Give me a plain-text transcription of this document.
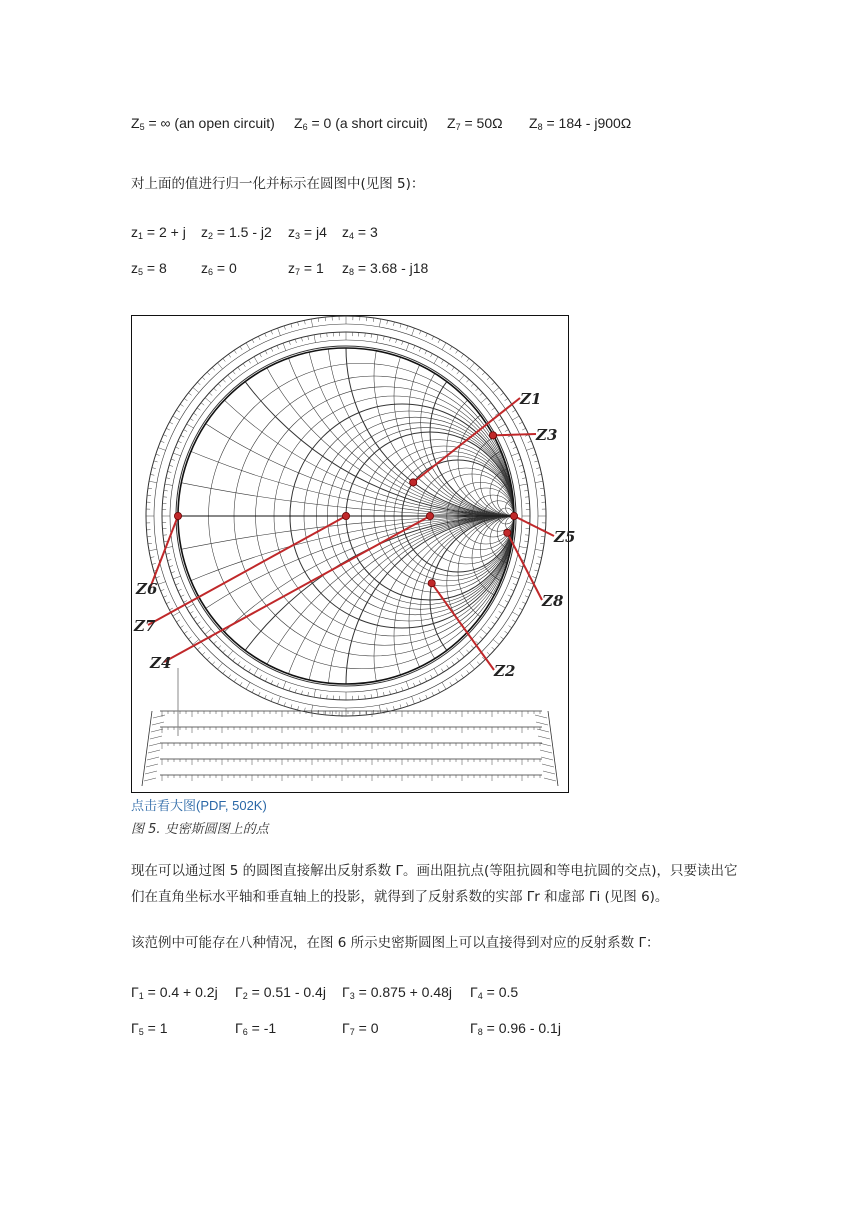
$Z_5$ = ∞ (an open circuit) $Z_6 = 0$ (a short circuit) $Z_7 = 50\Omega$ $Z_8 = 184 - j900\Omega$
对上面的值进行归一化并标示在圆图中(见图 5)：
$z_1 = 2 + j$ $z_2 = 1.5 - j2$ $z_3 = j4$ $z_4 = 3$
$z_5 = 8$ $z_6 = 0$	$z_7 = 1$ $z_8 = 3.68 - j18$
Z1
Z3
Z5
Z8
Z2
Z4
Z7
Z6
点击看大图(PDF, 502K)
图 5. 史密斯圆图上的点
现在可以通过图 5 的圆图直接解出反射系数 Γ。画出阻抗点(等阻抗圆和等电抗圆的交点)，只要读出它们在直角坐标水平轴和垂直轴上的投影，就得到了反射系数的实部 Γr 和虚部 Γi (见图 6)。
该范例中可能存在八种情况，在图 6 所示史密斯圆图上可以直接得到对应的反射系数 Γ：
$\Gamma_1 = 0.4 + 0.2j$ $\Gamma_2 = 0.51 - 0.4j$ $\Gamma_3 = 0.875 + 0.48j$ $\Gamma_4 = 0.5$
$\Gamma_5 = 1$	$\Gamma_6 = -1$	$\Gamma_7 = 0$	$\Gamma_8 = 0.96 - 0.1j$
